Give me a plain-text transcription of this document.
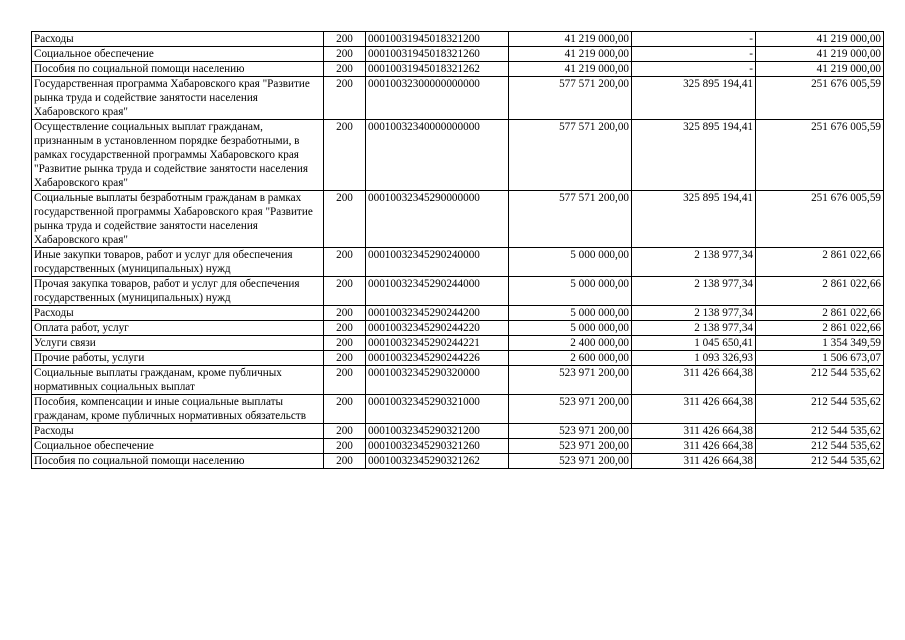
Расходы	200	00010031945018321200	41 219 000,00	-	41 219 000,00
Социальное обеспечение	200	00010031945018321260	41 219 000,00	-	41 219 000,00
Пособия по социальной помощи населению	200	00010031945018321262	41 219 000,00	-	41 219 000,00
Государственная программа Хабаровского края "Развитие рынка труда и содействие занятости населения Хабаровского края"	200	00010032300000000000	577 571 200,00	325 895 194,41	251 676 005,59
Осуществление социальных выплат гражданам, признанным в установленном порядке безработными, в рамках государственной программы Хабаровского края "Развитие рынка труда и содействие занятости населения Хабаровского края"	200	00010032340000000000	577 571 200,00	325 895 194,41	251 676 005,59
Социальные выплаты безработным гражданам в рамках государственной программы Хабаровского края "Развитие рынка труда и содействие занятости населения Хабаровского края"	200	00010032345290000000	577 571 200,00	325 895 194,41	251 676 005,59
Иные закупки товаров, работ и услуг для обеспечения государственных (муниципальных) нужд	200	00010032345290240000	5 000 000,00	2 138 977,34	2 861 022,66
Прочая закупка товаров, работ и услуг для обеспечения государственных (муниципальных) нужд	200	00010032345290244000	5 000 000,00	2 138 977,34	2 861 022,66
Расходы	200	00010032345290244200	5 000 000,00	2 138 977,34	2 861 022,66
Оплата работ, услуг	200	00010032345290244220	5 000 000,00	2 138 977,34	2 861 022,66
Услуги связи	200	00010032345290244221	2 400 000,00	1 045 650,41	1 354 349,59
Прочие работы, услуги	200	00010032345290244226	2 600 000,00	1 093 326,93	1 506 673,07
Социальные выплаты гражданам, кроме публичных нормативных социальных выплат	200	00010032345290320000	523 971 200,00	311 426 664,38	212 544 535,62
Пособия, компенсации и иные социальные выплаты гражданам, кроме публичных нормативных обязательств	200	00010032345290321000	523 971 200,00	311 426 664,38	212 544 535,62
Расходы	200	00010032345290321200	523 971 200,00	311 426 664,38	212 544 535,62
Социальное обеспечение	200	00010032345290321260	523 971 200,00	311 426 664,38	212 544 535,62
Пособия по социальной помощи населению	200	00010032345290321262	523 971 200,00	311 426 664,38	212 544 535,62
